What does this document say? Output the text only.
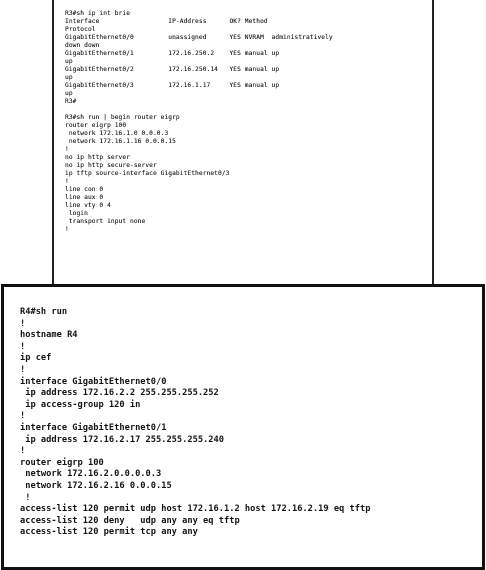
R3#sh ip int brie
Interface                  IP-Address      OK? Method
Protocol
GigabitEthernet0/0         unassigned      YES NVRAM  administratively
down down
GigabitEthernet0/1         172.16.250.2    YES manual up
up
GigabitEthernet0/2         172.16.250.14   YES manual up
up
GigabitEthernet0/3         172.16.1.17     YES manual up
up
R3#
R3#sh run | begin router eigrp
router eigrp 100
network 172.16.1.0 0.0.0.3
network 172.16.1.16 0.0.0.15
!
no ip http server
no ip http secure-server
ip tftp source-interface GigabitEthernet0/3
!
line con 0
line aux 0
line vty 0 4
login
transport input none
!
R4#sh run
!
hostname R4
!
ip cef
!
interface GigabitEthernet0/0
ip address 172.16.2.2 255.255.255.252
ip access-group 120 in
!
interface GigabitEthernet0/1
ip address 172.16.2.17 255.255.255.240
!
router eigrp 100
network 172.16.2.0.0.0.0.3
network 172.16.2.16 0.0.0.15
!
access-list 120 permit udp host 172.16.1.2 host 172.16.2.19 eq tftp
access-list 120 deny   udp any any eq tftp
access-list 120 permit tcp any any
